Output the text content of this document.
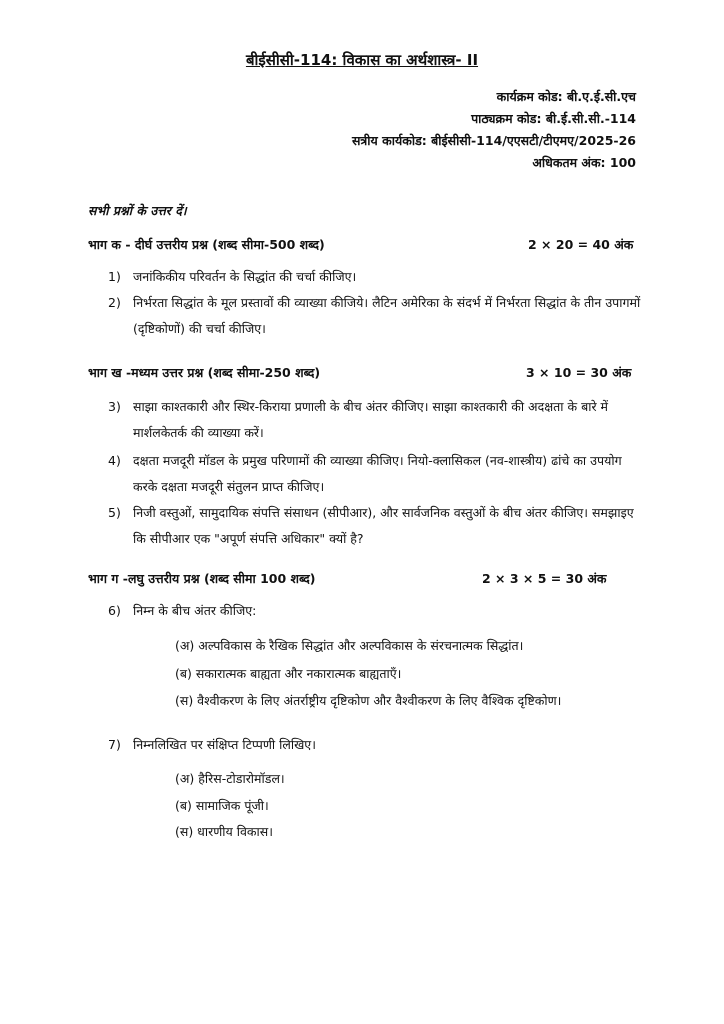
बीईसीसी-114: विकास का अर्थशास्त्र- II
कार्यक्रम कोड: बी.ए.ई.सी.एच
पाठ्यक्रम कोड: बी.ई.सी.सी.-114
सत्रीय कार्यकोड: बीईसीसी-114/एएसटी/टीएमए/2025-26
अधिकतम अंक: 100
सभी प्रश्नों के उत्तर दें।
भाग क - दीर्घ उत्तरीय प्रश्न (शब्द सीमा-500 शब्द)	2 × 20 = 40 अंक
1) जनांकिकीय परिवर्तन के सिद्धांत की चर्चा कीजिए।
2) निर्भरता सिद्धांत के मूल प्रस्तावों की व्याख्या कीजिये। लैटिन अमेरिका के संदर्भ में निर्भरता सिद्धांत के तीन उपागमों (दृष्टिकोणों) की चर्चा कीजिए।
भाग ख -मध्यम उत्तर प्रश्न (शब्द सीमा-250 शब्द)	3 × 10 = 30 अंक
3) साझा काश्तकारी और स्थिर-किराया प्रणाली के बीच अंतर कीजिए। साझा काश्तकारी की अदक्षता के बारे में मार्शलकेतर्क की व्याख्या करें।
4) दक्षता मजदूरी मॉडल के प्रमुख परिणामों की व्याख्या कीजिए। नियो-क्लासिकल (नव-शास्त्रीय) ढांचे का उपयोग करके दक्षता मजदूरी संतुलन प्राप्त कीजिए।
5) निजी वस्तुओं, सामुदायिक संपत्ति संसाधन (सीपीआर), और सार्वजनिक वस्तुओं के बीच अंतर कीजिए। समझाइए कि सीपीआर एक "अपूर्ण संपत्ति अधिकार" क्यों है?
भाग ग -लघु उत्तरीय प्रश्न (शब्द सीमा 100 शब्द)	2 × 3 × 5 = 30 अंक
6) निम्न के बीच अंतर कीजिए:
(अ) अल्पविकास के रैखिक सिद्धांत और अल्पविकास के संरचनात्मक सिद्धांत।
(ब) सकारात्मक बाह्यता और नकारात्मक बाह्यताएँ।
(स) वैश्वीकरण के लिए अंतर्राष्ट्रीय दृष्टिकोण और वैश्वीकरण के लिए वैश्विक दृष्टिकोण।
7) निम्नलिखित पर संक्षिप्त टिप्पणी लिखिए।
(अ) हैरिस-टोडारोमॉडल।
(ब) सामाजिक पूंजी।
(स) धारणीय विकास।
